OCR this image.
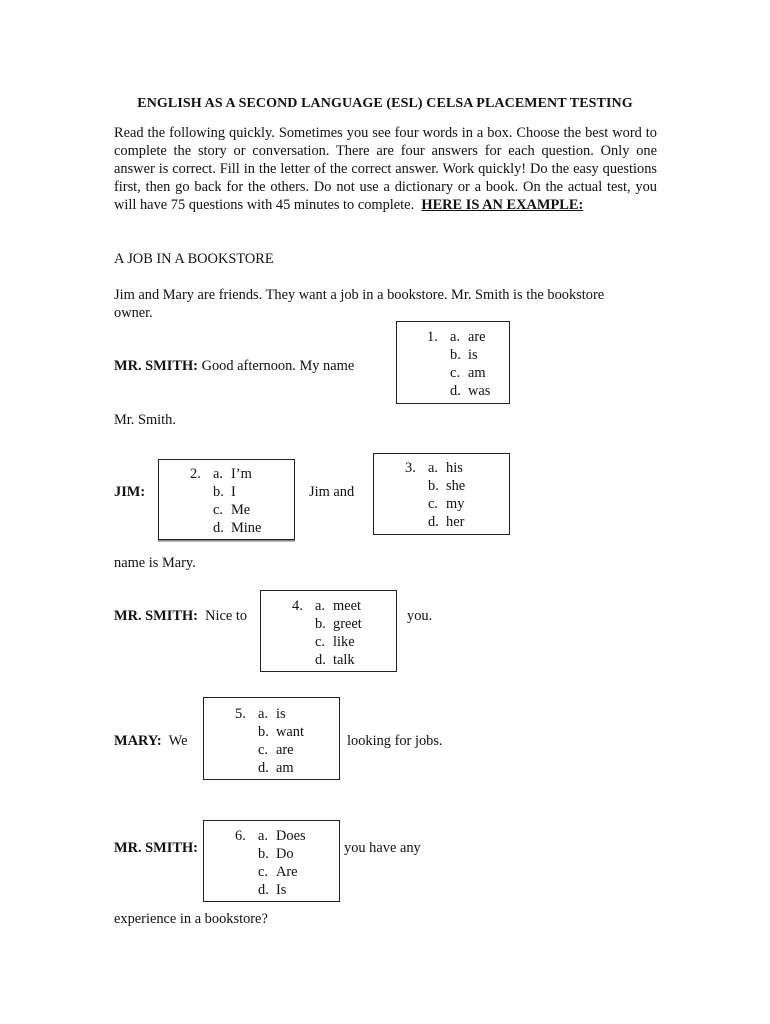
ENGLISH AS A SECOND LANGUAGE (ESL) CELSA PLACEMENT TESTING
Read the following quickly. Sometimes you see four words in a box. Choose the best word to complete the story or conversation. There are four answers for each question. Only one answer is correct. Fill in the letter of the correct answer. Work quickly! Do the easy questions first, then go back for the others. Do not use a dictionary or a book. On the actual test, you will have 75 questions with 45 minutes to complete. HERE IS AN EXAMPLE:
A JOB IN A BOOKSTORE
Jim and Mary are friends. They want a job in a bookstore. Mr. Smith is the bookstore
owner.
MR. SMITH: Good afternoon. My name
1. a. are
b. is
c. am
d. was
Mr. Smith.
JIM:
2. a. I’m
b. I
c. Me
d. Mine
Jim and
3. a. his
b. she
c. my
d. her
name is Mary.
MR. SMITH: Nice to
4. a. meet
b. greet
c. like
d. talk
you.
MARY: We
5. a. is
b. want
c. are
d. am
looking for jobs.
MR. SMITH:
6. a. Does
b. Do
c. Are
d. Is
you have any
experience in a bookstore?
